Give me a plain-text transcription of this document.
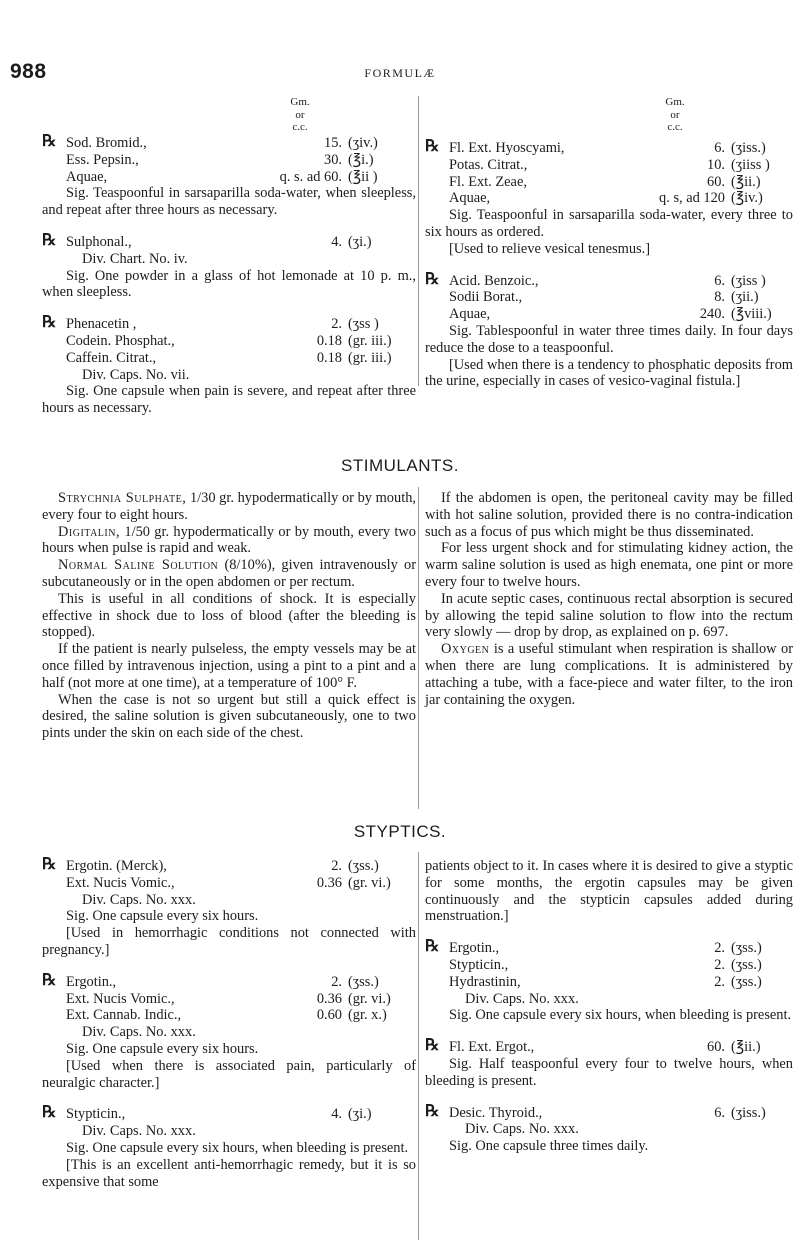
988	FORMULÆ
Gm.
or
c.c.
Gm.
or
c.c.
℞ Sod. Bromid.,	15. (ʒiv.)
Ess. Pepsin.,	30. (℥i.)
Aquae,	q. s. ad 60. (℥ii )

Sig. Teaspoonful in sarsaparilla soda-water, when sleepless, and repeat after three hours as necessary.

℞ Sulphonal.,	4. (ʒi.)

Div. Chart. No. iv.

Sig. One powder in a glass of hot lemonade at 10 p. m., when sleepless.

℞ Phenacetin ,	2. (ʒss )
Codein. Phosphat.,	0.18 (gr. iii.)
Caffein. Citrat.,	0.18 (gr. iii.)

Div. Caps. No. vii.

Sig. One capsule when pain is severe, and repeat after three hours as necessary.

℞ Fl. Ext. Hyoscyami,	6. (ʒiss.)
Potas. Citrat.,	10. (ʒiiss )
Fl. Ext. Zeae,	60. (℥ii.)
Aquae,	q. s, ad 120 (℥iv.)

Sig. Teaspoonful in sarsaparilla soda-water, every three to six hours as ordered.

[Used to relieve vesical tenesmus.]

℞ Acid. Benzoic.,	6. (ʒiss )
Sodii Borat.,	8. (ʒii.)
Aquae,	240. (℥viii.)

Sig. Tablespoonful in water three times daily. In four days reduce the dose to a teaspoonful.

[Used when there is a tendency to phosphatic deposits from the urine, especially in cases of vesico-vaginal fistula.]

STIMULANTS.

Strychnia Sulphate, 1/30 gr. hypodermatically or by mouth, every four to eight hours.

Digitalin, 1/50 gr. hypodermatically or by mouth, every two hours when pulse is rapid and weak.

Normal Saline Solution (8/10%), given intravenously or subcutaneously or in the open abdomen or per rectum.

This is useful in all conditions of shock. It is especially effective in shock due to loss of blood (after the bleeding is stopped).

If the patient is nearly pulseless, the empty vessels may be at once filled by intravenous injection, using a pint to a pint and a half (not more at one time), at a temperature of 100° F.

When the case is not so urgent but still a quick effect is desired, the saline solution is given subcutaneously, one to two pints under the skin on each side of the chest.

If the abdomen is open, the peritoneal cavity may be filled with hot saline solution, provided there is no contra-indication such as a focus of pus which might be thus disseminated.

For less urgent shock and for stimulating kidney action, the warm saline solution is used as high enemata, one pint or more every four to twelve hours.

In acute septic cases, continuous rectal absorption is secured by allowing the tepid saline solution to flow into the rectum very slowly — drop by drop, as explained on p. 697.

Oxygen is a useful stimulant when respiration is shallow or when there are lung complications. It is administered by attaching a tube, with a face-piece and water filter, to the iron jar containing the oxygen.

STYPTICS.
℞ Ergotin. (Merck),	2. (ʒss.)
Ext. Nucis Vomic.,	0.36 (gr. vi.)

Div. Caps. No. xxx.

Sig. One capsule every six hours.

[Used in hemorrhagic conditions not connected with pregnancy.]

℞ Ergotin.,	2. (ʒss.)
Ext. Nucis Vomic.,	0.36 (gr. vi.)
Ext. Cannab. Indic.,	0.60 (gr. x.)

Div. Caps. No. xxx.

Sig. One capsule every six hours.

[Used when there is associated pain, particularly of neuralgic character.]

℞ Stypticin.,	4. (ʒi.)

Div. Caps. No. xxx.

Sig. One capsule every six hours, when bleeding is present.

[This is an excellent anti-hemorrhagic remedy, but it is so expensive that some

patients object to it. In cases where it is desired to give a styptic for some months, the ergotin capsules may be given continuously and the stypticin capsules added during menstruation.]

℞ Ergotin.,	2. (ʒss.)
Stypticin.,	2. (ʒss.)
Hydrastinin,	2. (ʒss.)

Div. Caps. No. xxx.

Sig. One capsule every six hours, when bleeding is present.

℞ Fl. Ext. Ergot.,	60. (℥ii.)

Sig. Half teaspoonful every four to twelve hours, when bleeding is present.

℞ Desic. Thyroid.,	6. (ʒiss.)

Div. Caps. No. xxx.

Sig. One capsule three times daily.
